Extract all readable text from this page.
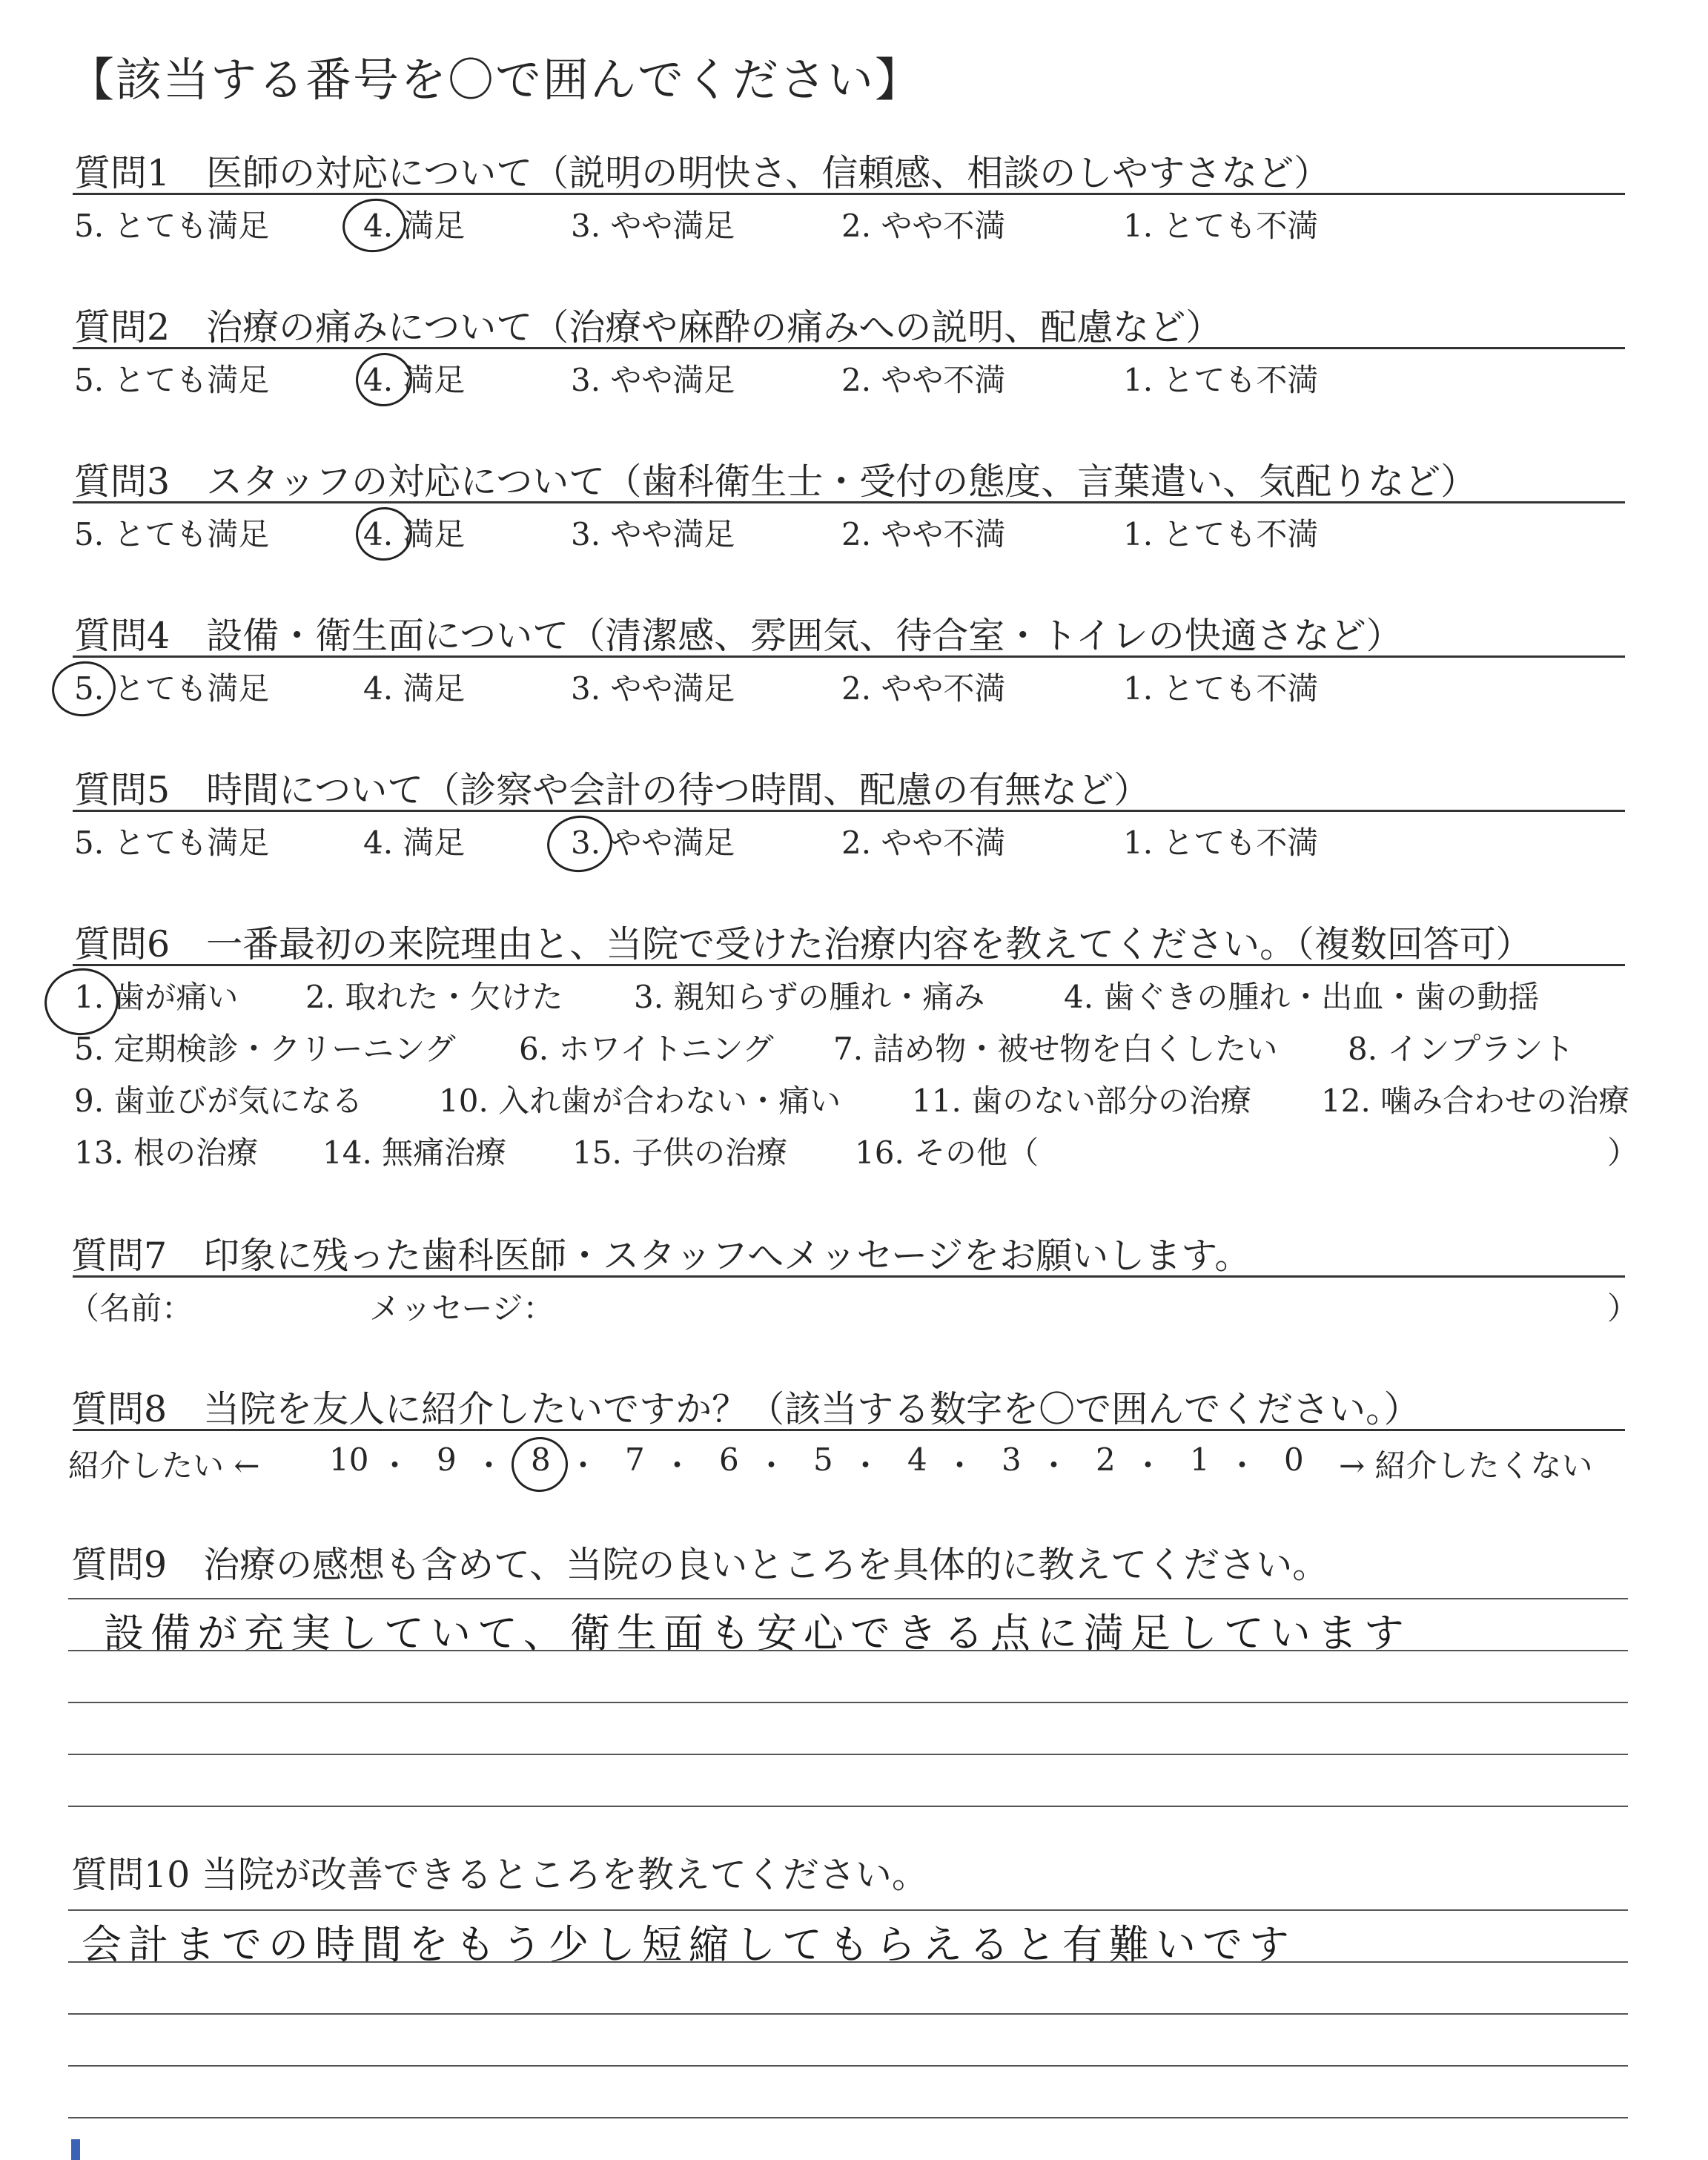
【該当する番号を〇で囲んでください】
質問1　医師の対応について（説明の明快さ、信頼感、相談のしやすさなど）
5. とても満足	4. 満足	3. やや満足	2. やや不満	1. とても不満
質問2　治療の痛みについて（治療や麻酔の痛みへの説明、配慮など）
5. とても満足	4. 満足	3. やや満足	2. やや不満	1. とても不満
質問3　スタッフの対応について（歯科衛生士・受付の態度、言葉遣い、気配りなど）
5. とても満足	4. 満足	3. やや満足	2. やや不満	1. とても不満
質問4　設備・衛生面について（清潔感、雰囲気、待合室・トイレの快適さなど）
5. とても満足	4. 満足	3. やや満足	2. やや不満	1. とても不満
質問5　時間について（診察や会計の待つ時間、配慮の有無など）
5. とても満足	4. 満足	3. やや満足	2. やや不満	1. とても不満
質問6　一番最初の来院理由と、当院で受けた治療内容を教えてください。（複数回答可）
1. 歯が痛い 2. 取れた・欠けた 3. 親知らずの腫れ・痛み	4. 歯ぐきの腫れ・出血・歯の動揺
5. 定期検診・クリーニング 6. ホワイトニング 7. 詰め物・被せ物を白くしたい 8. インプラント
9. 歯並びが気になる 10. 入れ歯が合わない・痛い 11. 歯のない部分の治療 12. 噛み合わせの治療
13. 根の治療 14. 無痛治療 15. 子供の治療 16. その他（	）
質問7　印象に残った歯科医師・スタッフへメッセージをお願いします。
（名前：	メッセージ：	）
質問8　当院を友人に紹介したいですか？（該当する数字を〇で囲んでください。）
紹介したい ←	→ 紹介したくない
10 ・ 9 ・ 8 ・ 7 ・ 6 ・ 5 ・ 4 ・ 3 ・ 2 ・ 1 ・ 0
質問9　治療の感想も含めて、当院の良いところを具体的に教えてください。
設備が充実していて、衛生面も安心できる点に満足しています
質問10 当院が改善できるところを教えてください。
会計までの時間をもう少し短縮してもらえると有難いです
